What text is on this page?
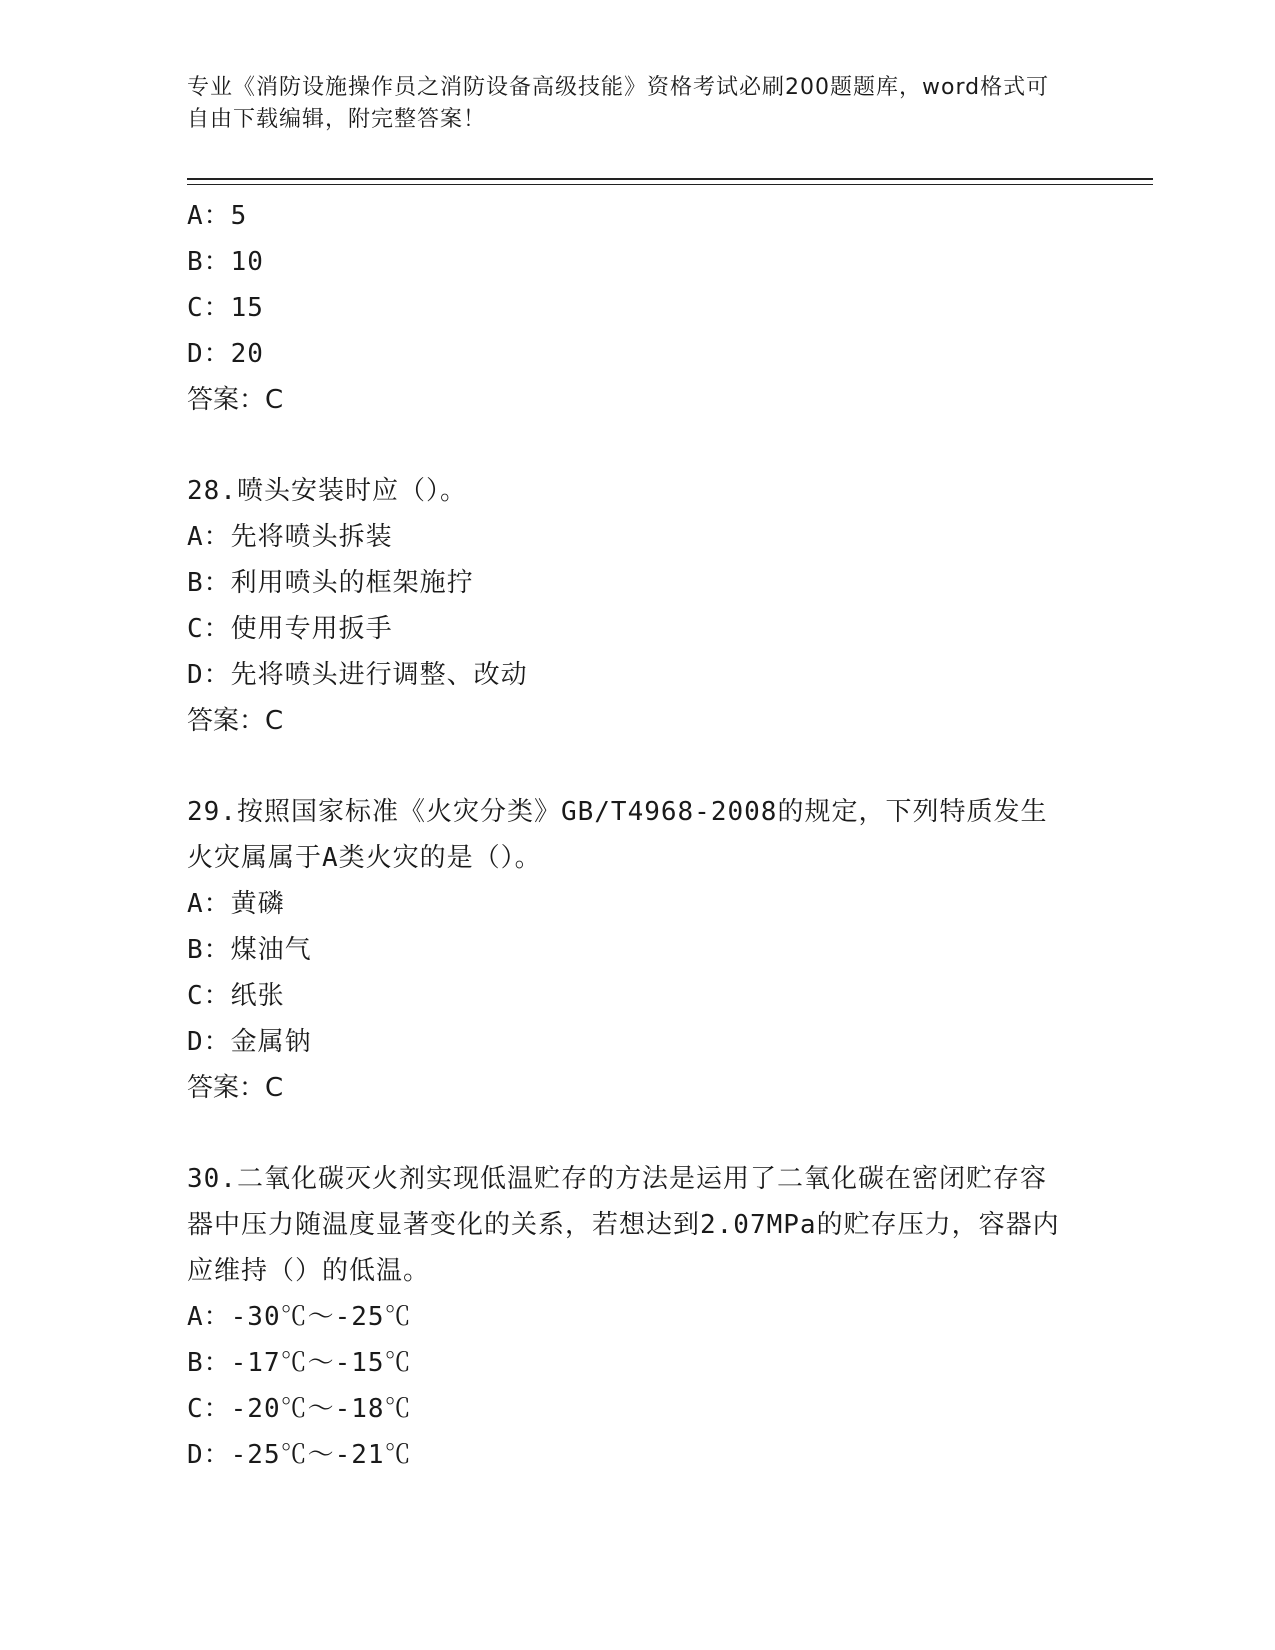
专业《消防设施操作员之消防设备高级技能》资格考试必刷200题题库，word格式可自由下载编辑，附完整答案！
A：5
B：10
C：15
D：20
答案：C
28.喷头安装时应（）。
A：先将喷头拆装
B：利用喷头的框架施拧
C：使用专用扳手
D：先将喷头进行调整、改动
答案：C
29.按照国家标准《火灾分类》GB/T4968-2008的规定，下列特质发生火灾属属于A类火灾的是（）。
A：黄磷
B：煤油气
C：纸张
D：金属钠
答案：C
30.二氧化碳灭火剂实现低温贮存的方法是运用了二氧化碳在密闭贮存容器中压力随温度显著变化的关系，若想达到2.07MPa的贮存压力，容器内应维持（）的低温。
A：-30℃～-25℃
B：-17℃～-15℃
C：-20℃～-18℃
D：-25℃～-21℃
